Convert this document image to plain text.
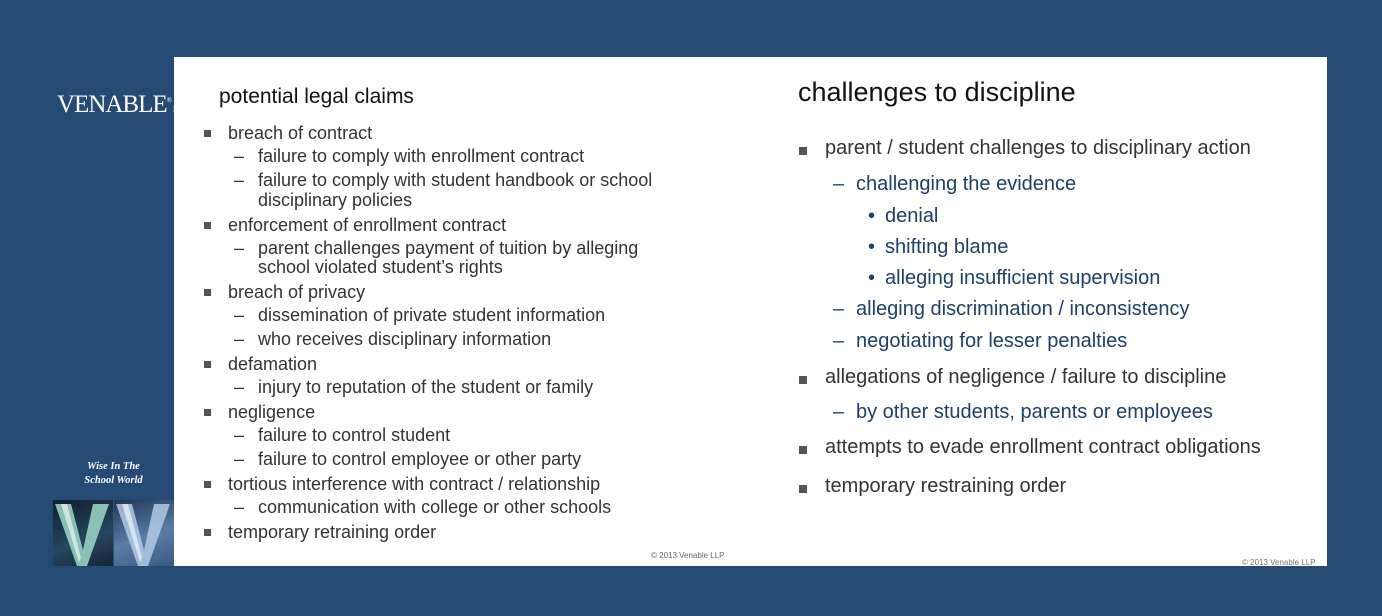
VENABLE®LLP
Wise In The
School World
potential legal claims
breach of contract
– failure to comply with enrollment contract
– failure to comply with student handbook or school
disciplinary policies
enforcement of enrollment contract
– parent challenges payment of tuition by alleging
school violated student’s rights
breach of privacy
– dissemination of private student information
– who receives disciplinary information
defamation
– injury to reputation of the student or family
negligence
– failure to control student
– failure to control employee or other party
tortious interference with contract / relationship
– communication with college or other schools
temporary retraining order
© 2013 Venable LLP
challenges to discipline
parent / student challenges to disciplinary action
– challenging the evidence
• denial
• shifting blame
• alleging insufficient supervision
– alleging discrimination / inconsistency
– negotiating for lesser penalties
allegations of negligence / failure to discipline
– by other students, parents or employees
attempts to evade enrollment contract obligations
temporary restraining order
© 2013 Venable LLP
